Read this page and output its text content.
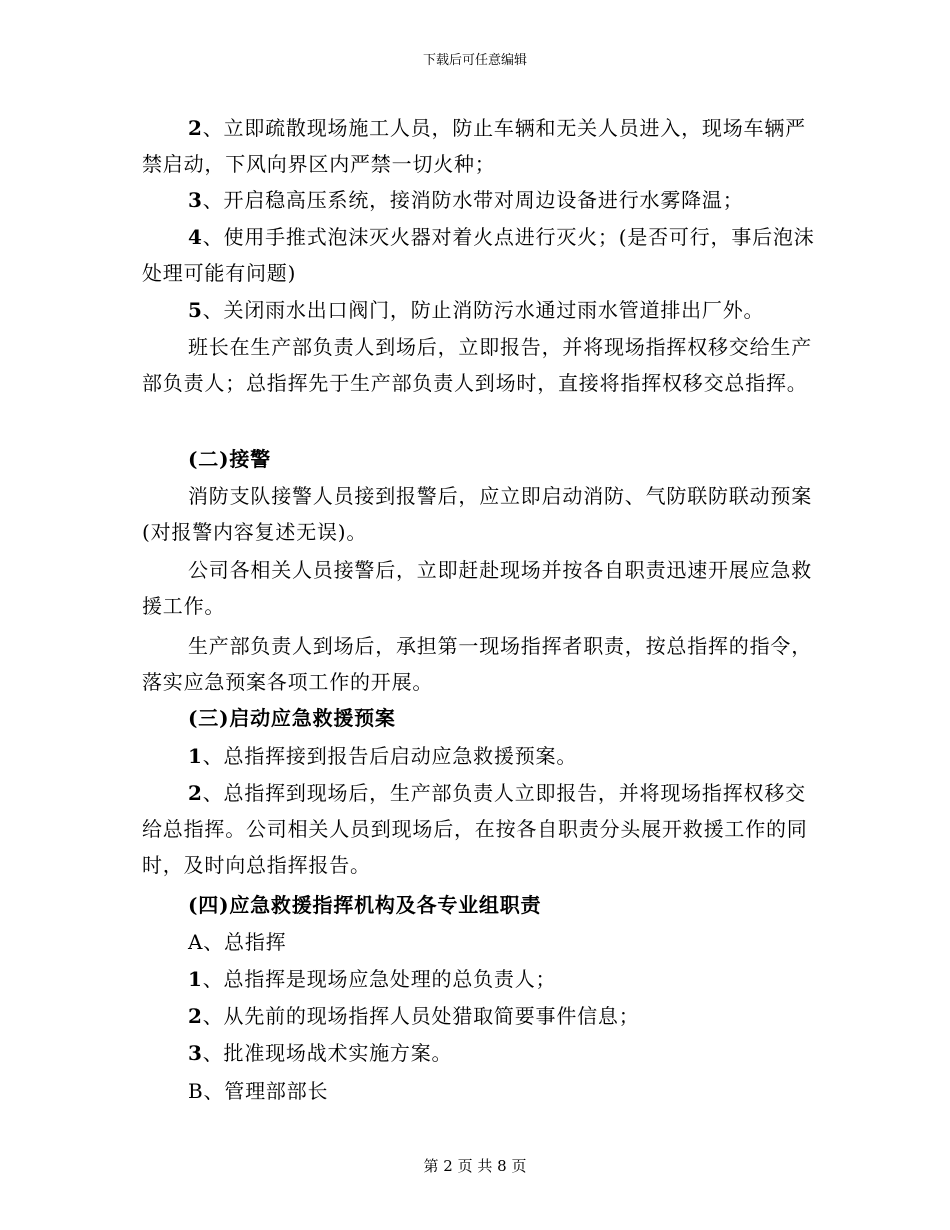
下载后可任意编辑

2、立即疏散现场施工人员，防止车辆和无关人员进入，现场车辆严禁启动，下风向界区内严禁一切火种；

3、开启稳高压系统，接消防水带对周边设备进行水雾降温；

4、使用手推式泡沫灭火器对着火点进行灭火；(是否可行，事后泡沫处理可能有问题)

5、关闭雨水出口阀门，防止消防污水通过雨水管道排出厂外。

班长在生产部负责人到场后，立即报告，并将现场指挥权移交给生产部负责人；总指挥先于生产部负责人到场时，直接将指挥权移交总指挥。

(二)接警

消防支队接警人员接到报警后，应立即启动消防、气防联防联动预案(对报警内容复述无误)。

公司各相关人员接警后，立即赶赴现场并按各自职责迅速开展应急救援工作。

生产部负责人到场后，承担第一现场指挥者职责，按总指挥的指令，落实应急预案各项工作的开展。

(三)启动应急救援预案

1、总指挥接到报告后启动应急救援预案。

2、总指挥到现场后，生产部负责人立即报告，并将现场指挥权移交给总指挥。公司相关人员到现场后，在按各自职责分头展开救援工作的同时，及时向总指挥报告。

(四)应急救援指挥机构及各专业组职责

A、总指挥

1、总指挥是现场应急处理的总负责人；

2、从先前的现场指挥人员处猎取简要事件信息；

3、批准现场战术实施方案。

B、管理部部长

第 2 页 共 8 页
